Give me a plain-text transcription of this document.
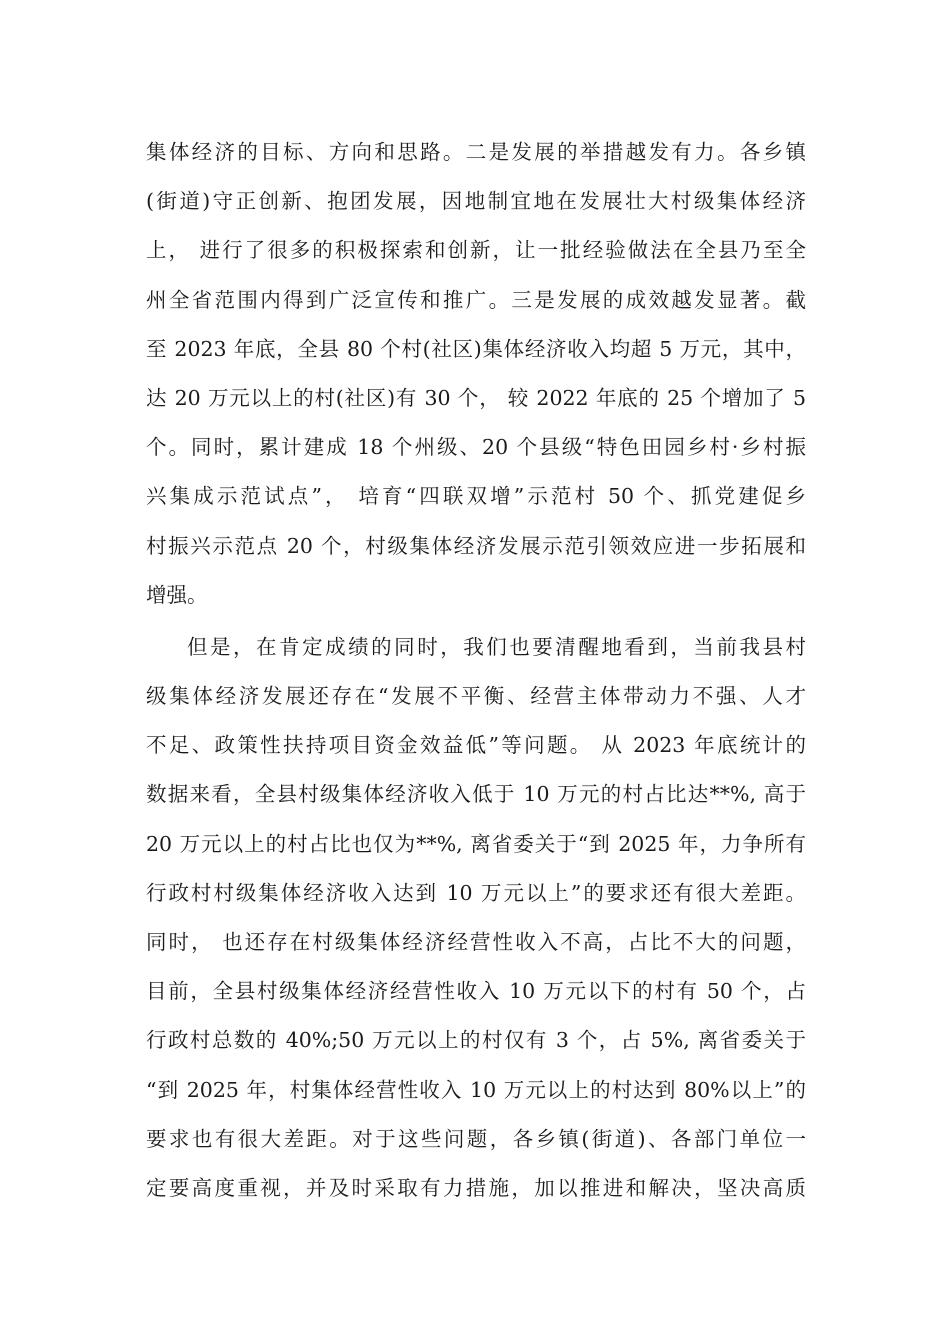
集体经济的目标、方向和思路。二是发展的举措越发有力。各乡镇
(街道)守正创新、抱团发展，因地制宜地在发展壮大村级集体经济
上， 进行了很多的积极探索和创新，让一批经验做法在全县乃至全
州全省范围内得到广泛宣传和推广。三是发展的成效越发显著。截
至 2023 年底，全县 80 个村(社区)集体经济收入均超 5 万元，其中，
达 20 万元以上的村(社区)有 30 个， 较 2022 年底的 25 个增加了 5
个。同时，累计建成 18 个州级、20 个县级“特色田园乡村·乡村振
兴集成示范试点”， 培育“四联双增”示范村 50 个、抓党建促乡
村振兴示范点 20 个，村级集体经济发展示范引领效应进一步拓展和
增强。
但是，在肯定成绩的同时，我们也要清醒地看到，当前我县村
级集体经济发展还存在“发展不平衡、经营主体带动力不强、人才
不足、政策性扶持项目资金效益低”等问题。 从 2023 年底统计的
数据来看，全县村级集体经济收入低于 10 万元的村占比达**%, 高于
20 万元以上的村占比也仅为**%, 离省委关于“到 2025 年，力争所有
行政村村级集体经济收入达到 10 万元以上”的要求还有很大差距。
同时， 也还存在村级集体经济经营性收入不高，占比不大的问题，
目前，全县村级集体经济经营性收入 10 万元以下的村有 50 个，占
行政村总数的 40%;50 万元以上的村仅有 3 个，占 5%, 离省委关于
“到 2025 年，村集体经营性收入 10 万元以上的村达到 80%以上”的
要求也有很大差距。对于这些问题，各乡镇(街道)、各部门单位一
定要高度重视，并及时采取有力措施，加以推进和解决，坚决高质
